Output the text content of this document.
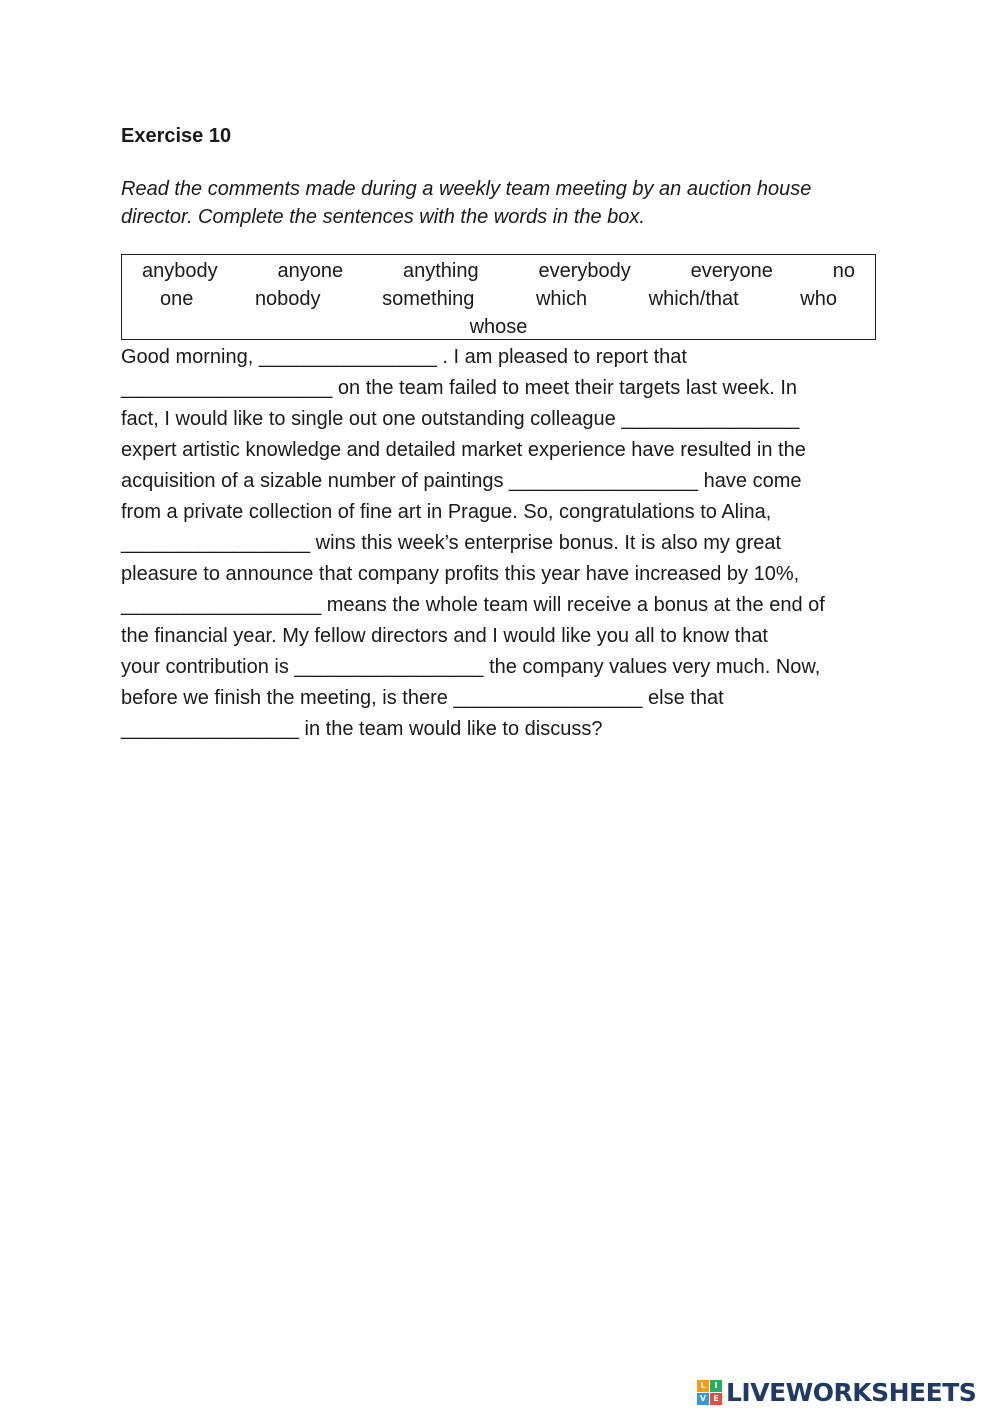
Exercise 10
Read the comments made during a weekly team meeting by an auction house
director. Complete the sentences with the words in the box.
anybody	anyone	anything	everybody	everyone	no
one	nobody	something	which	which/that	who
whose
Good morning, ________________ . I am pleased to report that
___________________ on the team failed to meet their targets last week. In
fact, I would like to single out one outstanding colleague ________________
expert artistic knowledge and detailed market experience have resulted in the
acquisition of a sizable number of paintings _________________ have come
from a private collection of fine art in Prague. So, congratulations to Alina,
_________________ wins this week’s enterprise bonus. It is also my great
pleasure to announce that company profits this year have increased by 10%,
__________________ means the whole team will receive a bonus at the end of
the financial year. My fellow directors and I would like you all to know that
your contribution is _________________ the company values very much. Now,
before we finish the meeting, is there _________________ else that
________________ in the team would like to discuss?
L	I
V E LIVEWORKSHEETS
